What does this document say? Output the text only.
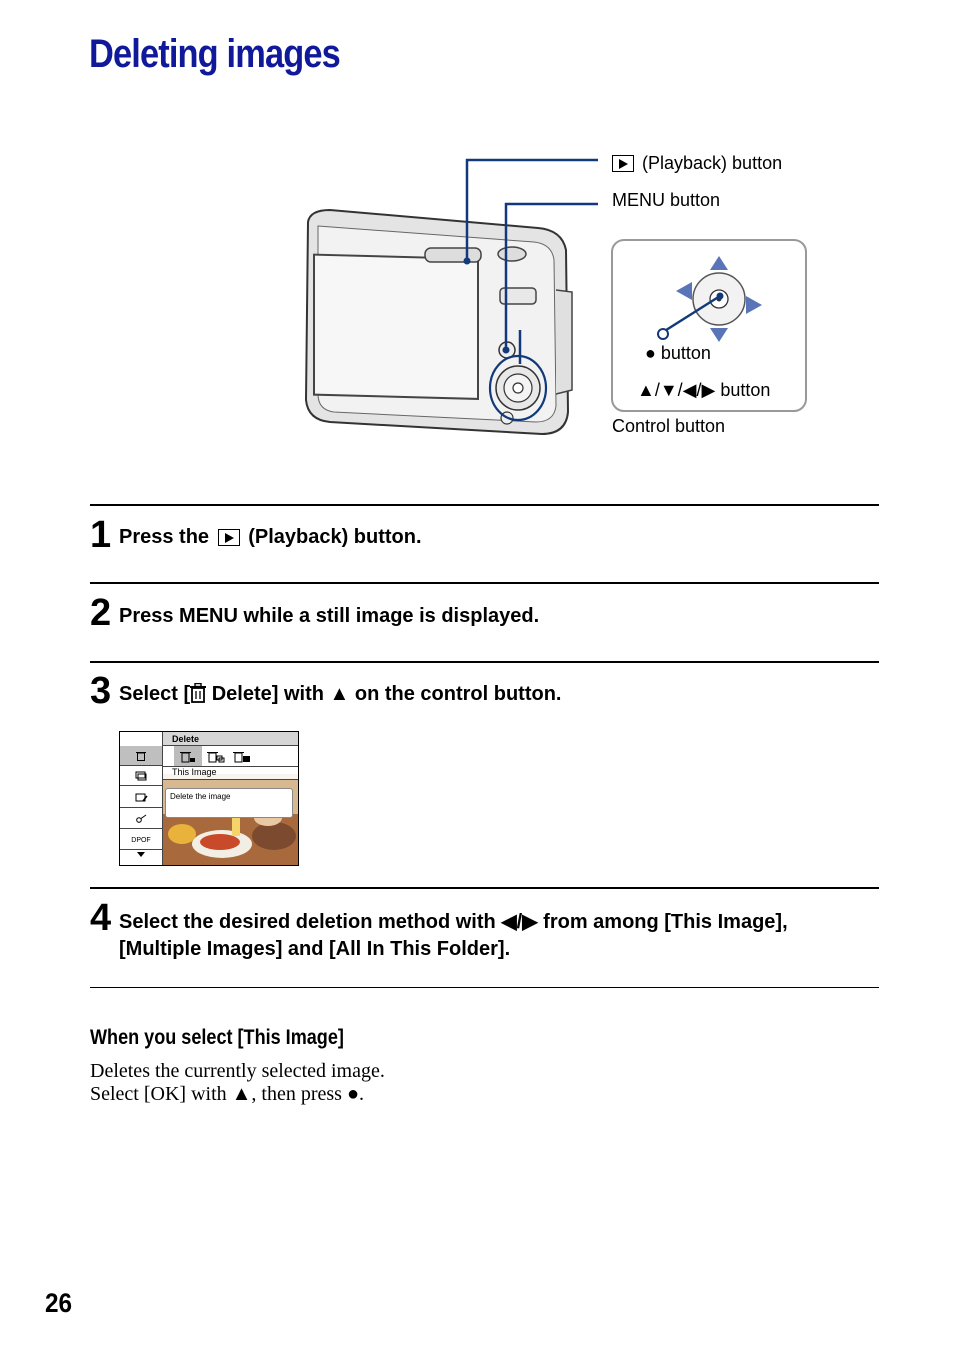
Deleting images
(Playback) button
MENU button
● button
▲/▼/◀/▶ button
Control button
1 Press the (Playback) button.
2 Press MENU while a still image is displayed.
3 Select [ Delete] with ▲ on the control button.
DPOF
Delete
This Image
Delete the image
4 Select the desired deletion method with ◀/▶ from among [This Image],
[Multiple Images] and [All In This Folder].
When you select [This Image]
Deletes the currently selected image.
Select [OK] with ▲, then press ●.
26
